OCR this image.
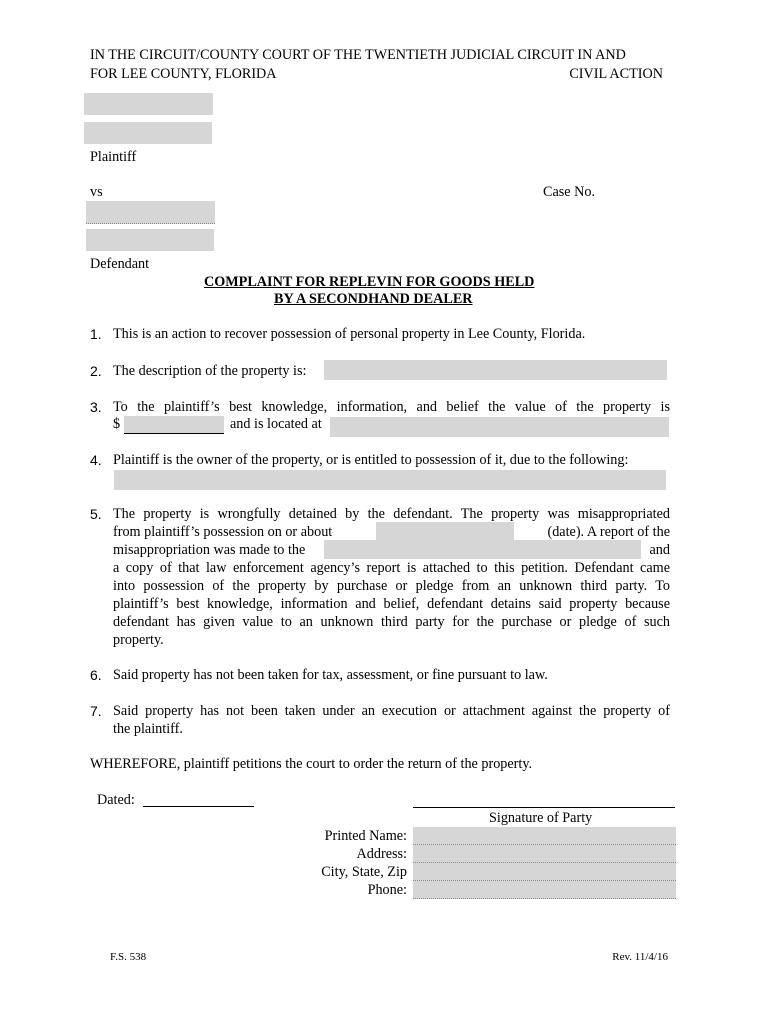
IN THE CIRCUIT/COUNTY COURT OF THE TWENTIETH JUDICIAL CIRCUIT IN AND
FOR LEE COUNTY, FLORIDA	CIVIL ACTION
Plaintiff
vs	Case No.
Defendant
COMPLAINT FOR REPLEVIN FOR GOODS HELD
BY A SECONDHAND DEALER
1. This is an action to recover possession of personal property in Lee County, Florida.
2. The description of the property is:
3. To the plaintiff’s best knowledge, information, and belief the value of the property is
$	and is located at
4. Plaintiff is the owner of the property, or is entitled to possession of it, due to the following:
5. The property is wrongfully detained by the defendant. The property was misappropriated
from plaintiff’s possession on or about	(date). A report of the
misappropriation was made to the	and
a copy of that law enforcement agency’s report is attached to this petition. Defendant came
into possession of the property by purchase or pledge from an unknown third party. To
plaintiff’s best knowledge, information and belief, defendant detains said property because
defendant has given value to an unknown third party for the purchase or pledge of such
property.
6. Said property has not been taken for tax, assessment, or fine pursuant to law.
7. Said property has not been taken under an execution or attachment against the property of
the plaintiff.
WHEREFORE, plaintiff petitions the court to order the return of the property.
Dated:
Signature of Party
Printed Name:
Address:
City, State, Zip
Phone:
F.S. 538	Rev. 11/4/16
